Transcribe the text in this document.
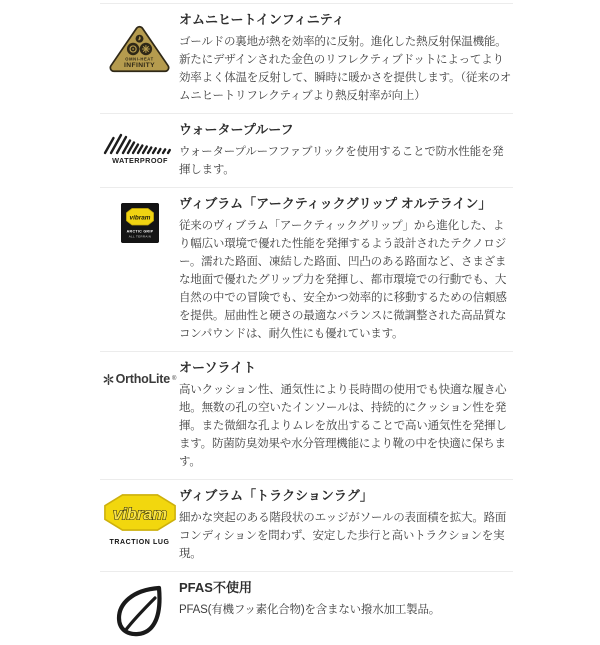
OMNI-HEAT
INFINITY
オムニヒートインフィニティ

ゴールドの裏地が熱を効率的に反射。進化した熱反射保温機能。新たにデザインされた金色のリフレクティブドットによってより効率よく体温を反射して、瞬時に暖かさを提供します。（従来のオムニヒートリフレクティブより熱反射率が向上）

WATERPROOF
ウォータープルーフ

ウォータープルーフファブリックを使用することで防水性能を発揮します。

vibram
ARCTIC GRIP
ALL TERRAIN
ヴィブラム「アークティックグリップ オルテライン」

従来のヴィブラム「アークティックグリップ」から進化した、より幅広い環境で優れた性能を発揮するよう設計されたテクノロジー。濡れた路面、凍結した路面、凹凸のある路面など、さまざまな地面で優れたグリップ力を発揮し、都市環境での行動でも、大自然の中での冒険でも、安全かつ効率的に移動するための信頼感を提供。屈曲性と硬さの最適なバランスに微調整された高品質なコンパウンドは、耐久性にも優れています。

OrthoLite ®
オーソライト

高いクッション性、通気性により長時間の使用でも快適な履き心地。無数の孔の空いたインソールは、持続的にクッション性を発揮。また微細な孔よりムレを放出することで高い通気性を発揮します。防菌防臭効果や水分管理機能により靴の中を快適に保ちます。

vibram
TRACTION LUG
ヴィブラム「トラクションラグ」

細かな突起のある階段状のエッジがソールの表面積を拡大。路面コンディションを問わず、安定した歩行と高いトラクションを実現。

PFAS不使用

PFAS(有機フッ素化合物)を含まない撥水加工製品。
